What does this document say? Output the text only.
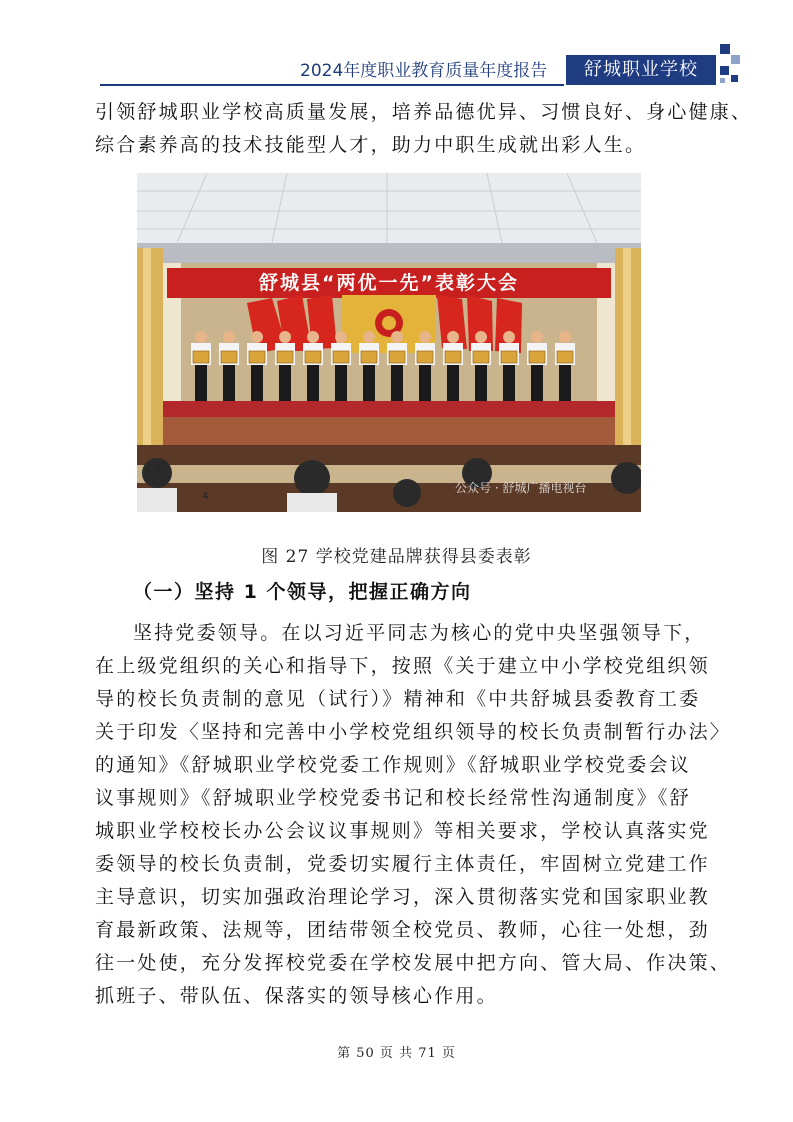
2024年度职业教育质量年度报告	舒城职业学校
引领舒城职业学校高质量发展，培养品德优异、习惯良好、身心健康、
综合素养高的技术技能型人才，助力中职生成就出彩人生。
舒城县“两优一先”表彰大会
6
4
公众号 · 舒城广播电视台
图 27 学校党建品牌获得县委表彰
（一）坚持 1 个领导，把握正确方向
坚持党委领导。在以习近平同志为核心的党中央坚强领导下，
在上级党组织的关心和指导下，按照《关于建立中小学校党组织领
导的校长负责制的意见（试行）》精神和《中共舒城县委教育工委
关于印发〈坚持和完善中小学校党组织领导的校长负责制暂行办法〉
的通知》《舒城职业学校党委工作规则》《舒城职业学校党委会议
议事规则》《舒城职业学校党委书记和校长经常性沟通制度》《舒
城职业学校校长办公会议议事规则》等相关要求，学校认真落实党
委领导的校长负责制，党委切实履行主体责任，牢固树立党建工作
主导意识，切实加强政治理论学习，深入贯彻落实党和国家职业教
育最新政策、法规等，团结带领全校党员、教师，心往一处想，劲
往一处使，充分发挥校党委在学校发展中把方向、管大局、作决策、
抓班子、带队伍、保落实的领导核心作用。
第 50 页 共 71 页
